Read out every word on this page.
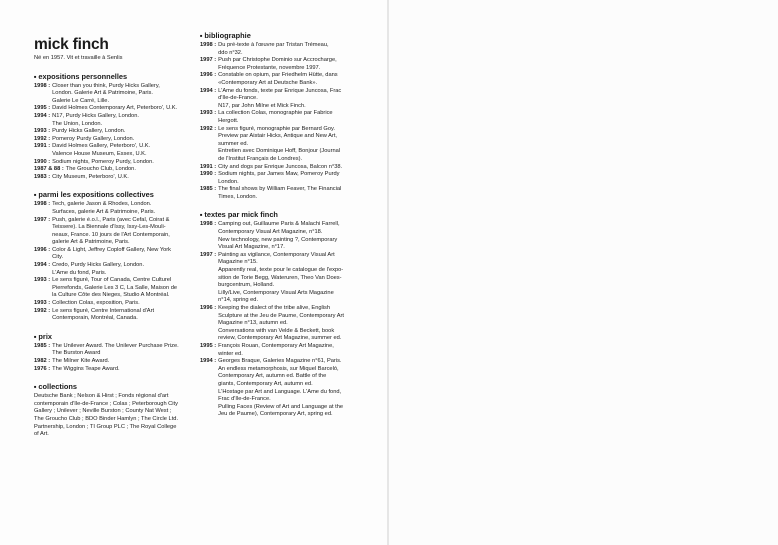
mick finch
Né en 1957. Vit et travaille à Senlis
■ expositions personnelles
1998 : Closer than you think, Purdy Hicks Gallery,
London. Galerie Art & Patrimoine, Paris.
Galerie Le Carré, Lille.
1995 : David Holmes Contemporary Art, Peterboro', U.K.
1994 : N17, Purdy Hicks Gallery, London.
The Union, London.
1993 : Purdy Hicks Gallery, London.
1992 : Pomeroy Purdy Gallery, London.
1991 : David Holmes Gallery, Peterboro', U.K.
Valence House Museum, Essex, U.K.
1990 : Sodium nights, Pomeroy Purdy, London.
1987 & 88 : The Groucho Club, London.
1983 : City Museum, Peterboro', U.K.
■ parmi les expositions collectives
1998 : Tech, galerie Jason & Rhodes, London.
Surfaces, galerie Art & Patrimoine, Paris.
1997 : Push, galerie é.o.l., Paris (avec Cefal, Coirat &
Teissere). La Biennale d'Issy, Issy-Les-Mouli-
neaux, France. 10 jours de l'Art Contemporain,
galerie Art & Patrimoine, Paris.
1996 : Color & Light, Jeffrey Coploff Gallery, New York
City.
1994 : Credo, Purdy Hicks Gallery, London.
L'Ame du fond, Paris.
1993 : Le sens figuré, Tour of Canada, Centre Culturel
Pierrefonds, Galerie Les 3 C, La Salle, Maison de
la Culture Côte des Nieges, Studio A Montréal.
1993 : Collection Colas, exposition, Paris.
1992 : Le sens figuré, Centre International d'Art
Contemporain, Montréal, Canada.
■ prix
1985 : The Unilever Award. The Unilever Purchase Prize.
The Burston Award
1982 : The Milner Kite Award.
1976 : The Wiggins Teape Award.
■ collections
Deutsche Bank ; Nelson & Hirst ; Fonds régional d'art
contemporain d'Ile-de-France ; Colas ; Peterborough City
Gallery ; Unilever ; Neville Burston ; County Nat West ;
The Groucho Club ; BDO Binder Hamlyn ; The Circle Ltd.
Partnership, London ; TI Group PLC ; The Royal College
of Art.
■ bibliographie
1998 : Du pré-texte à l'œuvre par Tristan Trémeau,
ddo n°32.
1997 : Push par Christophe Dominio sur Accrocharge,
Fréquence Protestante, novembre 1997.
1996 : Constable on opium, par Friedhelm Hütte, dans
«Contemporary Art at Deutsche Bank».
1994 : L'Ame du fonds, texte par Enrique Juncosa, Frac
d'Ile-de-France.
N17, par John Milne et Mick Finch.
1993 : La collection Colas, monographie par Fabrice
Hergott.
1992 : Le sens figuré, monographie par Bernard Goy.
Preview par Aistair Hicks, Antique and New Art,
summer ed.
Entretien avec Dominique Hoff, Bonjour (Journal
de l'Institut Français de Londres).
1991 : City and dogs par Enrique Juncosa, Balcon n°38.
1990 : Sodium nights, par James Maw, Pomeroy Purdy
London.
1985 : The final shows by William Feaver, The Financial
Times, London.
■ textes par mick finch
1998 : Camping out, Guillaume Paris & Malachi Farrell,
Contemporary Visual Art Magazine, n°18.
New technology, new painting ?, Contemporary
Visual Art Magazine, n°17.
1997 : Painting as vigilance, Contemporary Visual Art
Magazine n°15.
Apparently real, texte pour le catalogue de l'expo-
sition de Torie Begg, Wateruren, Theo Van Does-
burgcentrum, Holland.
Lilly/Live, Contemporary Visual Arts Magazine
n°14, spring ed.
1996 : Keeping the dialect of the tribe alive, English
Sculpture at the Jeu de Paume, Contemporary Art
Magazine n°13, autumn ed.
Conversations with van Velde & Beckett, book
review, Contemporary Art Magazine, summer ed.
1995 : François Rouan, Contemporary Art Magazine,
winter ed.
1994 : Georges Braque, Galeries Magazine n°61, Paris.
An endless metamorphosis, sur Miquel Barceló,
Contemporary Art, autumn ed. Battle of the
giants, Contemporary Art, autumn ed.
L'Hostage par Art and Language. L'Ame du fond,
Frac d'Ile-de-France.
Pulling Faces (Review of Art and Language at the
Jeu de Paume), Contemporary Art, spring ed.
